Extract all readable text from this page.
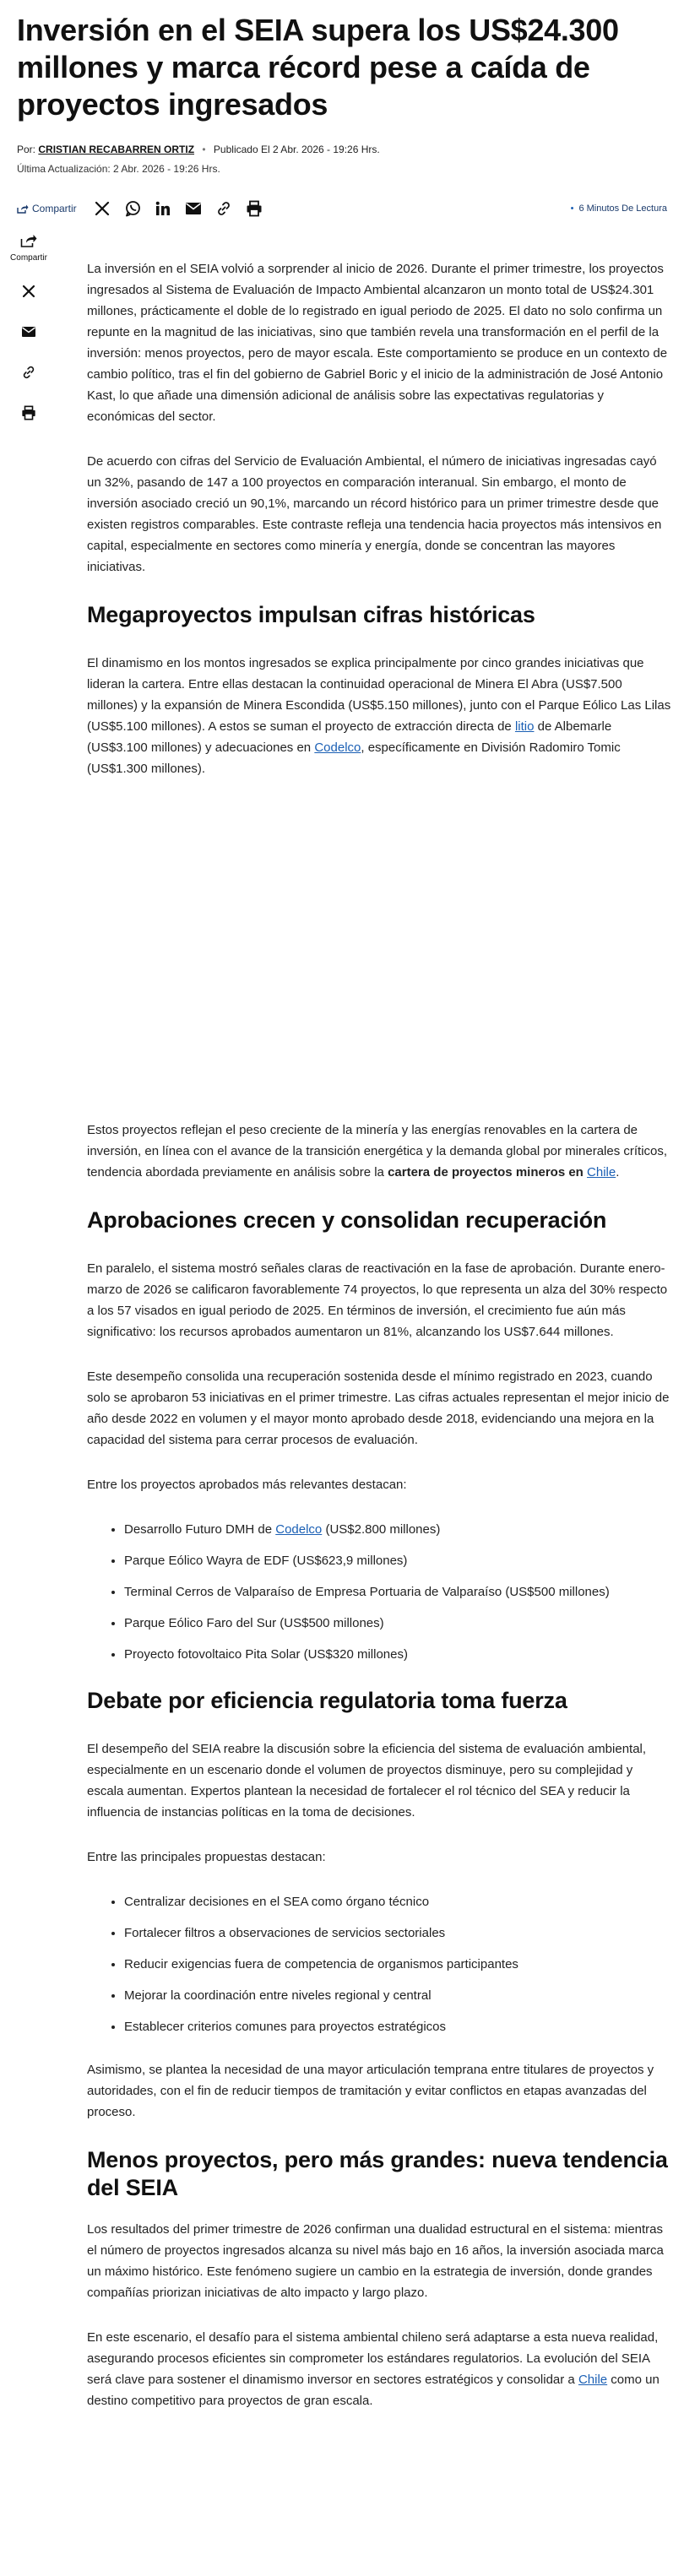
Inversión en el SEIA supera los US$24.300 millones y marca récord pese a caída de proyectos ingresados
Por: CRISTIAN RECABARREN ORTIZ • Publicado El 2 Abr. 2026 - 19:26 Hrs.
Última Actualización: 2 Abr. 2026 - 19:26 Hrs.
Compartir	• 6 Minutos De Lectura
Compartir

La inversión en el SEIA volvió a sorprender al inicio de 2026. Durante el primer trimestre, los proyectos ingresados al Sistema de Evaluación de Impacto Ambiental alcanzaron un monto total de US$24.301 millones, prácticamente el doble de lo registrado en igual periodo de 2025. El dato no solo confirma un repunte en la magnitud de las iniciativas, sino que también revela una transformación en el perfil de la inversión: menos proyectos, pero de mayor escala. Este comportamiento se produce en un contexto de cambio político, tras el fin del gobierno de Gabriel Boric y el inicio de la administración de José Antonio Kast, lo que añade una dimensión adicional de análisis sobre las expectativas regulatorias y económicas del sector.

De acuerdo con cifras del Servicio de Evaluación Ambiental, el número de iniciativas ingresadas cayó un 32%, pasando de 147 a 100 proyectos en comparación interanual. Sin embargo, el monto de inversión asociado creció un 90,1%, marcando un récord histórico para un primer trimestre desde que existen registros comparables. Este contraste refleja una tendencia hacia proyectos más intensivos en capital, especialmente en sectores como minería y energía, donde se concentran las mayores iniciativas.

Megaproyectos impulsan cifras históricas

El dinamismo en los montos ingresados se explica principalmente por cinco grandes iniciativas que lideran la cartera. Entre ellas destacan la continuidad operacional de Minera El Abra (US$7.500 millones) y la expansión de Minera Escondida (US$5.150 millones), junto con el Parque Eólico Las Lilas (US$5.100 millones). A estos se suman el proyecto de extracción directa de litio de Albemarle (US$3.100 millones) y adecuaciones en Codelco, específicamente en División Radomiro Tomic (US$1.300 millones).

Estos proyectos reflejan el peso creciente de la minería y las energías renovables en la cartera de inversión, en línea con el avance de la transición energética y la demanda global por minerales críticos, tendencia abordada previamente en análisis sobre la cartera de proyectos mineros en Chile.

Aprobaciones crecen y consolidan recuperación

En paralelo, el sistema mostró señales claras de reactivación en la fase de aprobación. Durante enero-marzo de 2026 se calificaron favorablemente 74 proyectos, lo que representa un alza del 30% respecto a los 57 visados en igual periodo de 2025. En términos de inversión, el crecimiento fue aún más significativo: los recursos aprobados aumentaron un 81%, alcanzando los US$7.644 millones.

Este desempeño consolida una recuperación sostenida desde el mínimo registrado en 2023, cuando solo se aprobaron 53 iniciativas en el primer trimestre. Las cifras actuales representan el mejor inicio de año desde 2022 en volumen y el mayor monto aprobado desde 2018, evidenciando una mejora en la capacidad del sistema para cerrar procesos de evaluación.

Entre los proyectos aprobados más relevantes destacan:

• Desarrollo Futuro DMH de Codelco (US$2.800 millones)
• Parque Eólico Wayra de EDF (US$623,9 millones)
• Terminal Cerros de Valparaíso de Empresa Portuaria de Valparaíso (US$500 millones)
• Parque Eólico Faro del Sur (US$500 millones)
• Proyecto fotovoltaico Pita Solar (US$320 millones)
Debate por eficiencia regulatoria toma fuerza

El desempeño del SEIA reabre la discusión sobre la eficiencia del sistema de evaluación ambiental, especialmente en un escenario donde el volumen de proyectos disminuye, pero su complejidad y escala aumentan. Expertos plantean la necesidad de fortalecer el rol técnico del SEA y reducir la influencia de instancias políticas en la toma de decisiones.

Entre las principales propuestas destacan:

• Centralizar decisiones en el SEA como órgano técnico
• Fortalecer filtros a observaciones de servicios sectoriales
• Reducir exigencias fuera de competencia de organismos participantes
• Mejorar la coordinación entre niveles regional y central
• Establecer criterios comunes para proyectos estratégicos

Asimismo, se plantea la necesidad de una mayor articulación temprana entre titulares de proyectos y autoridades, con el fin de reducir tiempos de tramitación y evitar conflictos en etapas avanzadas del proceso.

Menos proyectos, pero más grandes: nueva tendencia del SEIA

Los resultados del primer trimestre de 2026 confirman una dualidad estructural en el sistema: mientras el número de proyectos ingresados alcanza su nivel más bajo en 16 años, la inversión asociada marca un máximo histórico. Este fenómeno sugiere un cambio en la estrategia de inversión, donde grandes compañías priorizan iniciativas de alto impacto y largo plazo.

En este escenario, el desafío para el sistema ambiental chileno será adaptarse a esta nueva realidad, asegurando procesos eficientes sin comprometer los estándares regulatorios. La evolución del SEIA será clave para sostener el dinamismo inversor en sectores estratégicos y consolidar a Chile como un destino competitivo para proyectos de gran escala.
